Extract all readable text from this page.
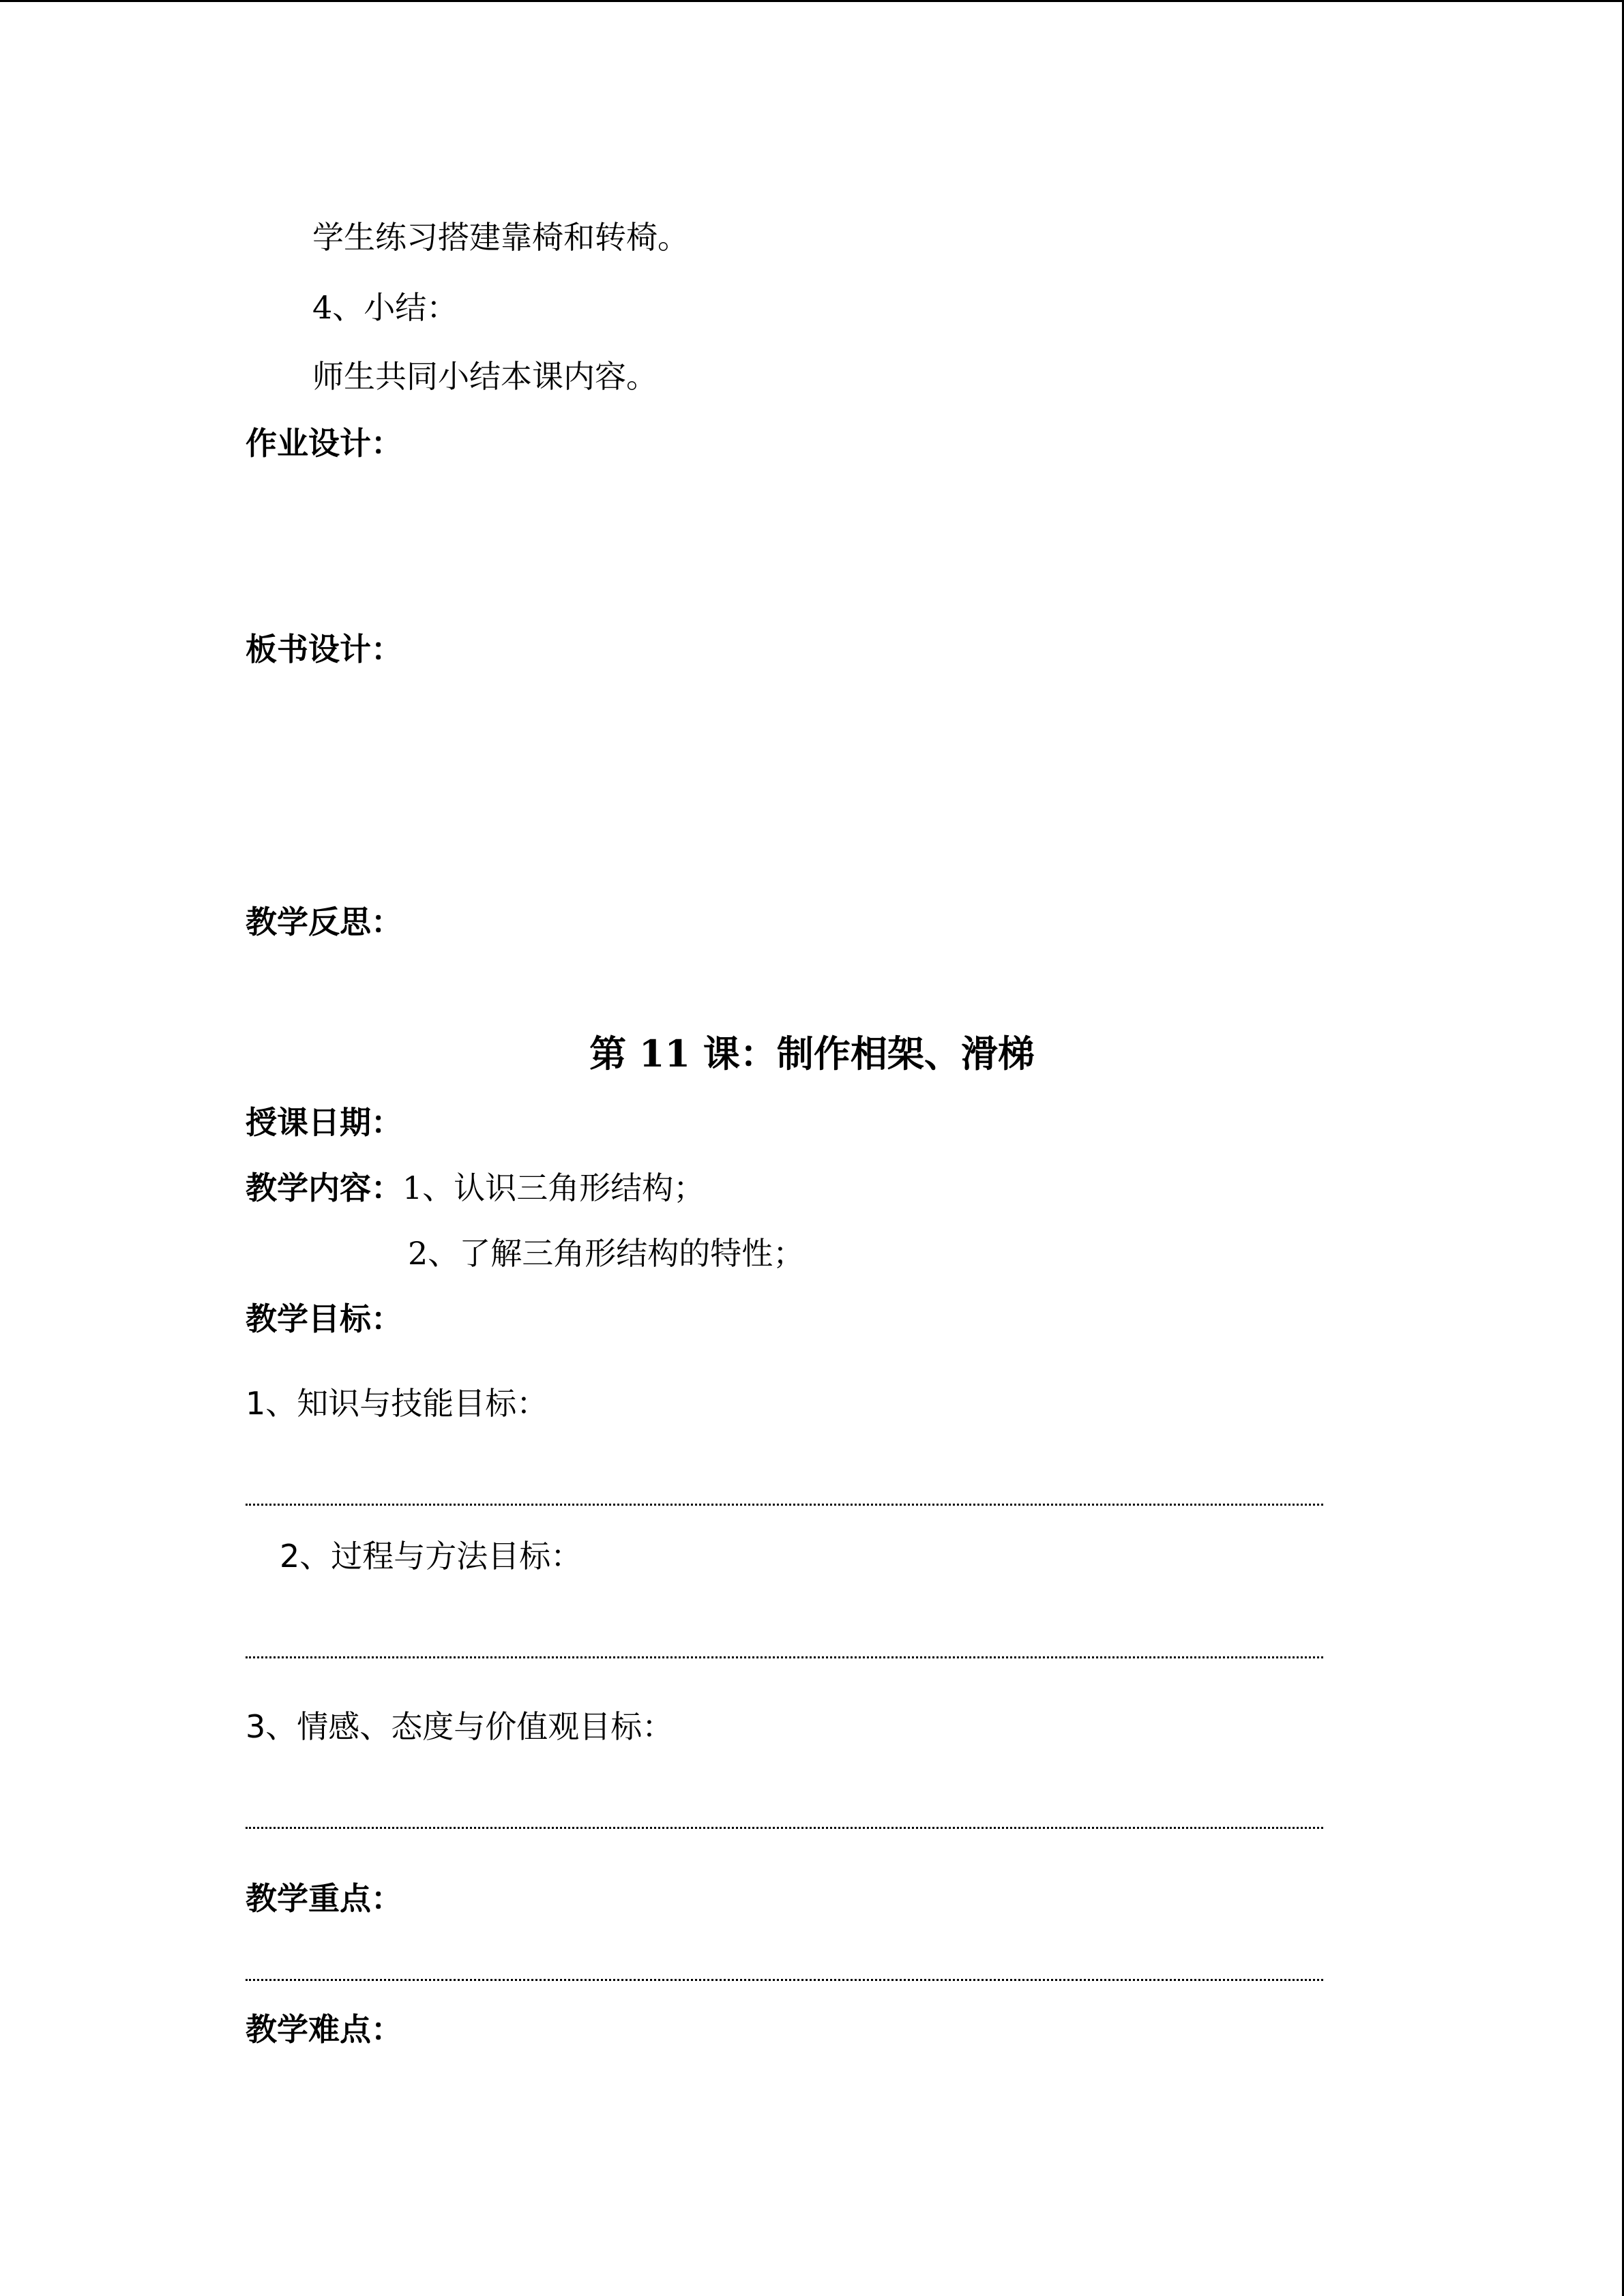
学生练习搭建靠椅和转椅。
4、小结：
师生共同小结本课内容。
作业设计：
板书设计：
教学反思：
第 11 课：制作相架、滑梯
授课日期：
教学内容：1、认识三角形结构；
2、了解三角形结构的特性；
教学目标：
1、知识与技能目标：
2、过程与方法目标：
3、情感、态度与价值观目标：
教学重点：
教学难点：
